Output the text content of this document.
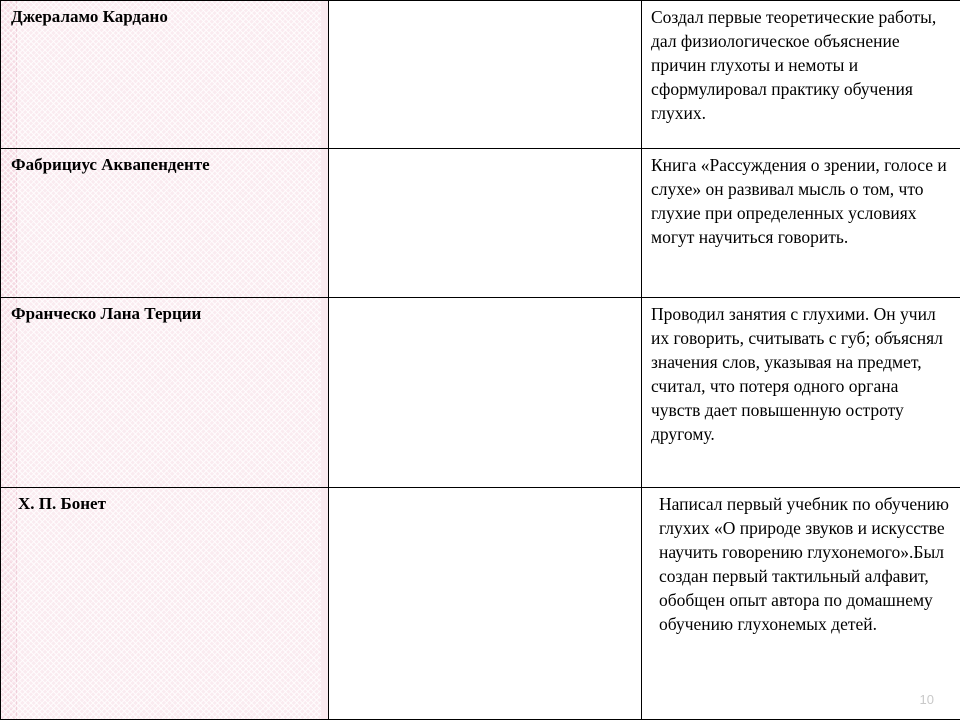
Джераламо Кардано		Создал первые теоретические работы, дал физиологическое объяснение причин глухоты и немоты и сформулировал практику обучения глухих.

Фабрициус Аквапенденте		Книга «Рассуждения о зрении, голосе и слухе» он развивал мысль о том, что глухие при определенных условиях могут научиться говорить.

Франческо Лана Терции		Проводил занятия с глухими. Он учил их говорить, считывать с губ; объяснял значения слов, указывая на предмет, считал, что потеря одного органа чувств дает повышенную остроту другому.

Х. П. Бонет		Написал первый учебник по обучению глухих «О природе звуков и искусстве научить говорению глухонемого».Был создан первый тактильный алфавит, обобщен опыт автора по домашнему обучению глухонемых детей.
10
